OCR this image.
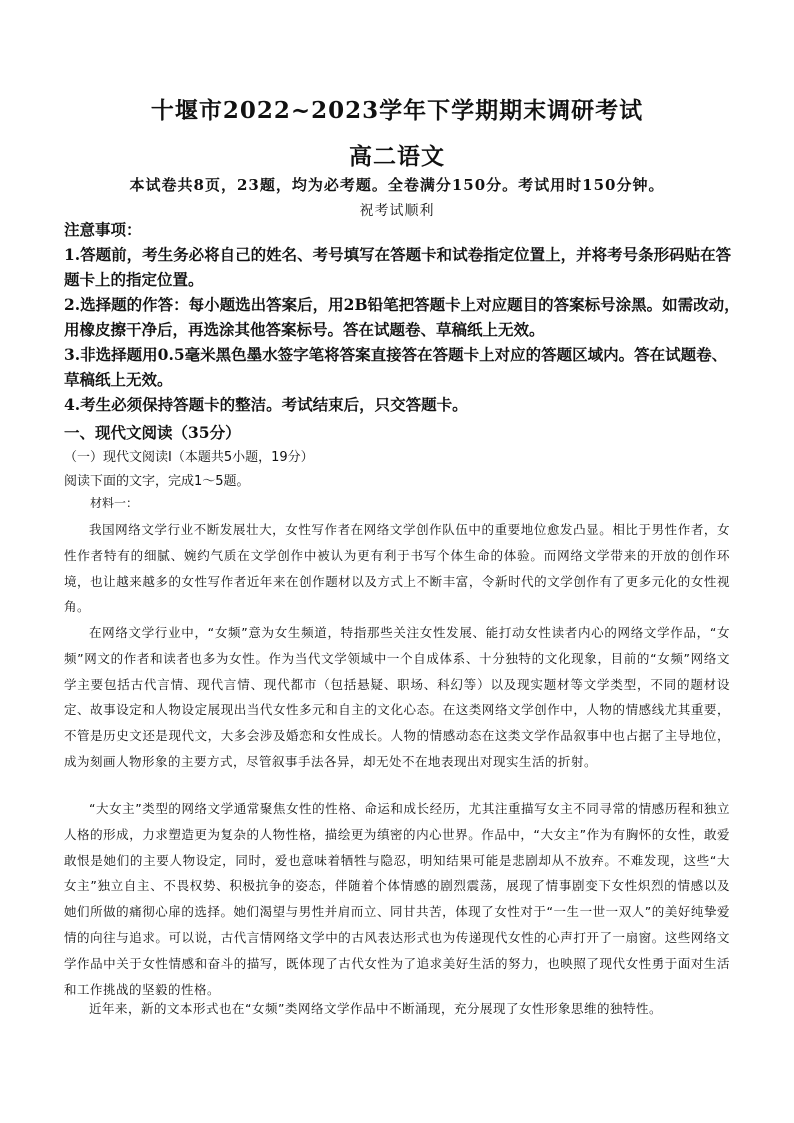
十堰市2022~2023学年下学期期末调研考试
高二语文
本试卷共8页，23题，均为必考题。全卷满分150分。考试用时150分钟。
祝考试顺利
注意事项：
1.答题前，考生务必将自己的姓名、考号填写在答题卡和试卷指定位置上，并将考号条形码贴在答题卡上的指定位置。
2.选择题的作答：每小题选出答案后，用2B铅笔把答题卡上对应题目的答案标号涂黑。如需改动，用橡皮擦干净后，再选涂其他答案标号。答在试题卷、草稿纸上无效。
3.非选择题用0.5毫米黑色墨水签字笔将答案直接答在答题卡上对应的答题区域内。答在试题卷、草稿纸上无效。
4.考生必须保持答题卡的整洁。考试结束后，只交答题卡。
一、现代文阅读（35分）
（一）现代文阅读Ⅰ（本题共5小题，19分）
阅读下面的文字，完成1～5题。
材料一：
我国网络文学行业不断发展壮大，女性写作者在网络文学创作队伍中的重要地位愈发凸显。相比于男性作者，女性作者特有的细腻、婉约气质在文学创作中被认为更有利于书写个体生命的体验。而网络文学带来的开放的创作环境，也让越来越多的女性写作者近年来在创作题材以及方式上不断丰富，令新时代的文学创作有了更多元化的女性视角。
在网络文学行业中，“女频”意为女生频道，特指那些关注女性发展、能打动女性读者内心的网络文学作品，“女频”网文的作者和读者也多为女性。作为当代文学领域中一个自成体系、十分独特的文化现象，目前的“女频”网络文学主要包括古代言情、现代言情、现代都市（包括悬疑、职场、科幻等）以及现实题材等文学类型，不同的题材设定、故事设定和人物设定展现出当代女性多元和自主的文化心态。在这类网络文学创作中，人物的情感线尤其重要，不管是历史文还是现代文，大多会涉及婚恋和女性成长。人物的情感动态在这类文学作品叙事中也占据了主导地位，成为刻画人物形象的主要方式，尽管叙事手法各异，却无处不在地表现出对现实生活的折射。
“大女主”类型的网络文学通常聚焦女性的性格、命运和成长经历，尤其注重描写女主不同寻常的情感历程和独立人格的形成，力求塑造更为复杂的人物性格，描绘更为缜密的内心世界。作品中，“大女主”作为有胸怀的女性，敢爱敢恨是她们的主要人物设定，同时，爱也意味着牺牲与隐忍，明知结果可能是悲剧却从不放弃。不难发现，这些“大女主”独立自主、不畏权势、积极抗争的姿态，伴随着个体情感的剧烈震荡，展现了情事剧变下女性炽烈的情感以及她们所做的痛彻心扉的选择。她们渴望与男性并肩而立、同甘共苦，体现了女性对于“一生一世一双人”的美好纯挚爱情的向往与追求。可以说，古代言情网络文学中的古风表达形式也为传递现代女性的心声打开了一扇窗。这些网络文学作品中关于女性情感和奋斗的描写，既体现了古代女性为了追求美好生活的努力，也映照了现代女性勇于面对生活和工作挑战的坚毅的性格。
近年来，新的文本形式也在“女频”类网络文学作品中不断涌现，充分展现了女性形象思维的独特性。
